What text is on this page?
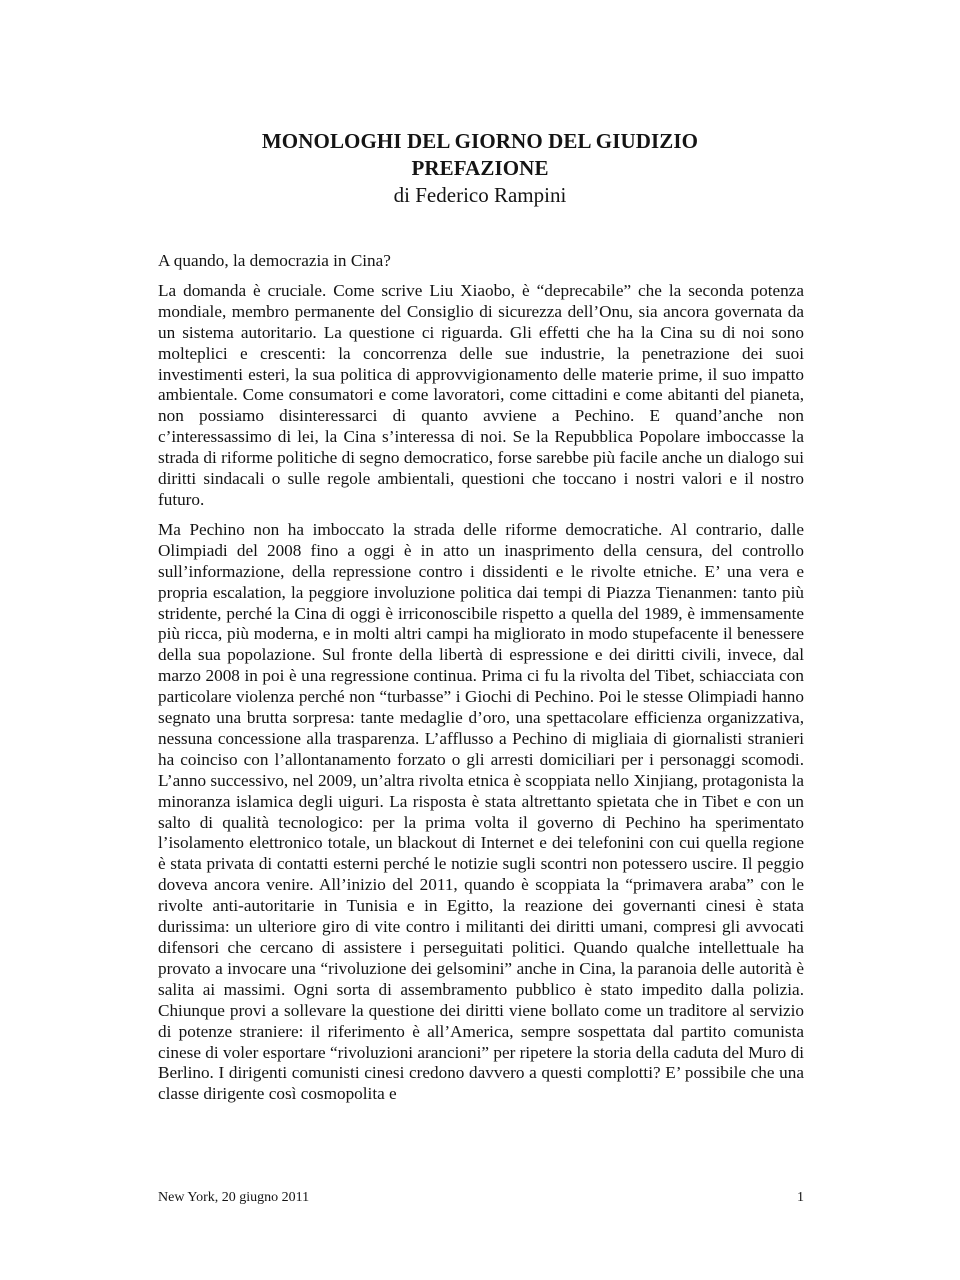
MONOLOGHI DEL GIORNO DEL GIUDIZIO
PREFAZIONE
di Federico Rampini

A quando, la democrazia in Cina?

La domanda è cruciale. Come scrive Liu Xiaobo, è “deprecabile” che la seconda potenza mondiale, membro permanente del Consiglio di sicurezza dell’Onu, sia ancora governata da un sistema autoritario. La questione ci riguarda. Gli effetti che ha la Cina su di noi sono molteplici e crescenti: la concorrenza delle sue industrie, la penetrazione dei suoi investimenti esteri, la sua politica di approvvigionamento delle materie prime, il suo impatto ambientale. Come consumatori e come lavoratori, come cittadini e come abitanti del pianeta, non possiamo disinteressarci di quanto avviene a Pechino. E quand’anche non c’interessassimo di lei, la Cina s’interessa di noi. Se la Repubblica Popolare imboccasse la strada di riforme politiche di segno democratico, forse sarebbe più facile anche un dialogo sui diritti sindacali o sulle regole ambientali, questioni che toccano i nostri valori e il nostro futuro.

Ma Pechino non ha imboccato la strada delle riforme democratiche. Al contrario, dalle Olimpiadi del 2008 fino a oggi è in atto un inasprimento della censura, del controllo sull’informazione, della repressione contro i dissidenti e le rivolte etniche. E’ una vera e propria escalation, la peggiore involuzione politica dai tempi di Piazza Tienanmen: tanto più stridente, perché la Cina di oggi è irriconoscibile rispetto a quella del 1989, è immensamente più ricca, più moderna, e in molti altri campi ha migliorato in modo stupefacente il benessere della sua popolazione. Sul fronte della libertà di espressione e dei diritti civili, invece, dal marzo 2008 in poi è una regressione continua. Prima ci fu la rivolta del Tibet, schiacciata con particolare violenza perché non “turbasse” i Giochi di Pechino. Poi le stesse Olimpiadi hanno segnato una brutta sorpresa: tante medaglie d’oro, una spettacolare efficienza organizzativa, nessuna concessione alla trasparenza. L’afflusso a Pechino di migliaia di giornalisti stranieri ha coinciso con l’allontanamento forzato o gli arresti domiciliari per i personaggi scomodi. L’anno successivo, nel 2009, un’altra rivolta etnica è scoppiata nello Xinjiang, protagonista la minoranza islamica degli uiguri. La risposta è stata altrettanto spietata che in Tibet e con un salto di qualità tecnologico: per la prima volta il governo di Pechino ha sperimentato l’isolamento elettronico totale, un blackout di Internet e dei telefonini con cui quella regione è stata privata di contatti esterni perché le notizie sugli scontri non potessero uscire. Il peggio doveva ancora venire. All’inizio del 2011, quando è scoppiata la “primavera araba” con le rivolte anti-autoritarie in Tunisia e in Egitto, la reazione dei governanti cinesi è stata durissima: un ulteriore giro di vite contro i militanti dei diritti umani, compresi gli avvocati difensori che cercano di assistere i perseguitati politici. Quando qualche intellettuale ha provato a invocare una “rivoluzione dei gelsomini” anche in Cina, la paranoia delle autorità è salita ai massimi. Ogni sorta di assembramento pubblico è stato impedito dalla polizia. Chiunque provi a sollevare la questione dei diritti viene bollato come un traditore al servizio di potenze straniere: il riferimento è all’America, sempre sospettata dal partito comunista cinese di voler esportare “rivoluzioni arancioni” per ripetere la storia della caduta del Muro di Berlino. I dirigenti comunisti cinesi credono davvero a questi complotti? E’ possibile che una classe dirigente così cosmopolita e

New York, 20 giugno 2011	1
